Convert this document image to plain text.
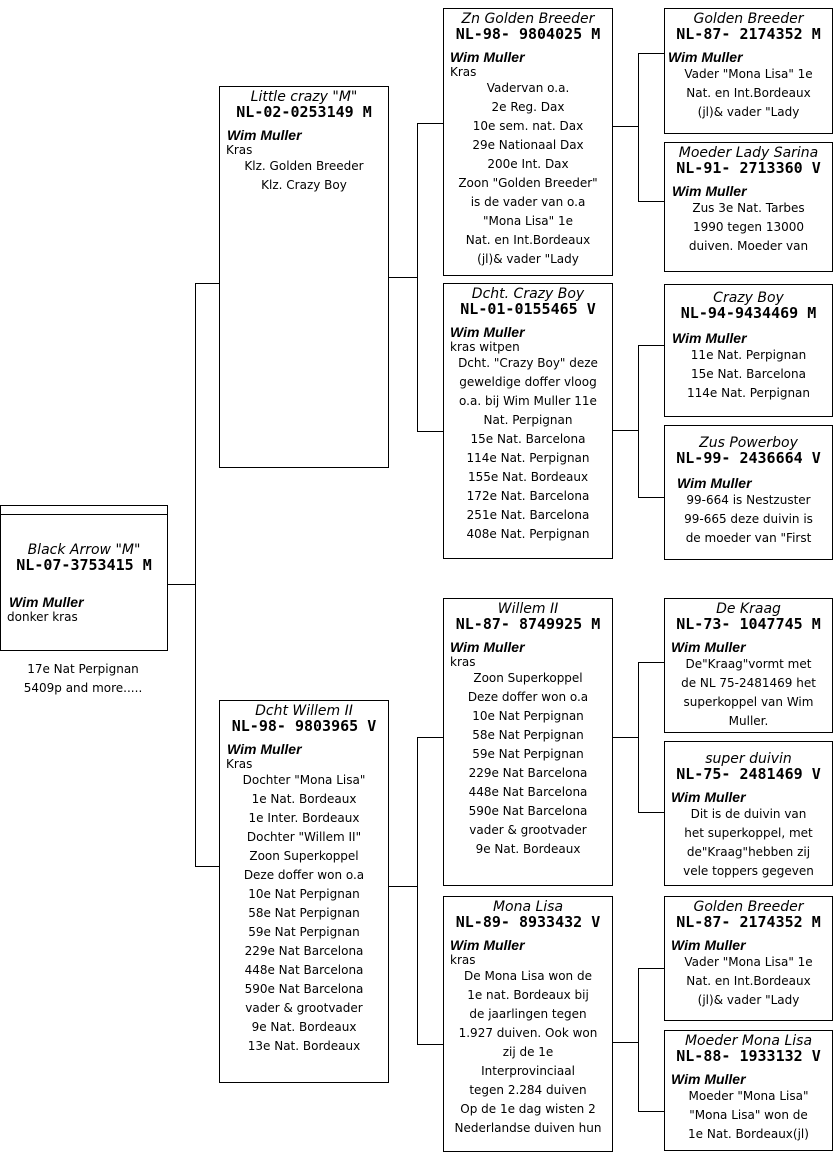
Black Arrow "M"
NL-07-3753415 M
Wim Muller
donker kras
17e Nat Perpignan
5409p and more.....
Little crazy "M"
NL-02-0253149 M
Wim Muller
Kras
Klz. Golden Breeder
Klz. Crazy Boy
Dcht Willem II
NL-98- 9803965 V
Wim Muller
Kras
Dochter "Mona Lisa"
1e Nat. Bordeaux
1e Inter. Bordeaux
Dochter "Willem II"
Zoon Superkoppel
Deze doffer won o.a
10e Nat Perpignan
58e Nat Perpignan
59e Nat Perpignan
229e Nat Barcelona
448e Nat Barcelona
590e Nat Barcelona
vader & grootvader
9e Nat. Bordeaux
13e Nat. Bordeaux
Zn Golden Breeder
NL-98- 9804025 M
Wim Muller
Kras
Vadervan o.a.
2e Reg. Dax
10e sem. nat. Dax
29e Nationaal Dax
200e Int. Dax
Zoon "Golden Breeder"
is de vader van o.a
"Mona Lisa" 1e
Nat. en Int.Bordeaux
(jl)& vader "Lady
Dcht. Crazy Boy
NL-01-0155465 V
Wim Muller
kras witpen
Dcht. "Crazy Boy" deze
geweldige doffer vloog
o.a. bij Wim Muller 11e
Nat. Perpignan
15e Nat. Barcelona
114e Nat. Perpignan
155e Nat. Bordeaux
172e Nat. Barcelona
251e Nat. Barcelona
408e Nat. Perpignan
Willem II
NL-87- 8749925 M
Wim Muller
kras
Zoon Superkoppel
Deze doffer won o.a
10e Nat Perpignan
58e Nat Perpignan
59e Nat Perpignan
229e Nat Barcelona
448e Nat Barcelona
590e Nat Barcelona
vader & grootvader
9e Nat. Bordeaux
Mona Lisa
NL-89- 8933432 V
Wim Muller
kras
De Mona Lisa won de
1e nat. Bordeaux bij
de jaarlingen tegen
1.927 duiven. Ook won
zij de 1e
Interprovinciaal
tegen 2.284 duiven
Op de 1e dag wisten 2
Nederlandse duiven hun
Golden Breeder
NL-87- 2174352 M
Wim Muller
Vader "Mona Lisa" 1e
Nat. en Int.Bordeaux
(jl)& vader "Lady
Moeder Lady Sarina
NL-91- 2713360 V
Wim Muller
Zus 3e Nat. Tarbes
1990 tegen 13000
duiven. Moeder van
Crazy Boy
NL-94-9434469 M
Wim Muller
11e Nat. Perpignan
15e Nat. Barcelona
114e Nat. Perpignan
Zus Powerboy
NL-99- 2436664 V
Wim Muller
99-664 is Nestzuster
99-665 deze duivin is
de moeder van "First
De Kraag
NL-73- 1047745 M
Wim Muller
De"Kraag"vormt met
de NL 75-2481469 het
superkoppel van Wim
Muller.
super duivin
NL-75- 2481469 V
Wim Muller
Dit is de duivin van
het superkoppel, met
de"Kraag"hebben zij
vele toppers gegeven
Golden Breeder
NL-87- 2174352 M
Wim Muller
Vader "Mona Lisa" 1e
Nat. en Int.Bordeaux
(jl)& vader "Lady
Moeder Mona Lisa
NL-88- 1933132 V
Wim Muller
Moeder "Mona Lisa"
"Mona Lisa" won de
1e Nat. Bordeaux(jl)
